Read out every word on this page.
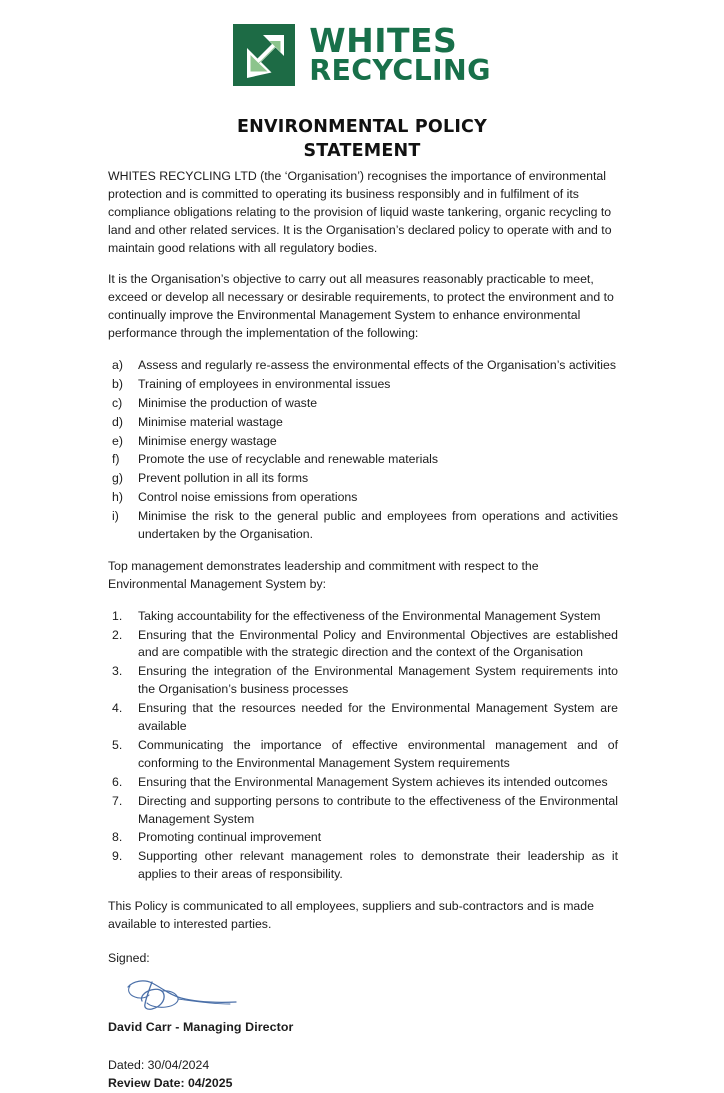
WHITES
RECYCLING
ENVIRONMENTAL POLICY
STATEMENT

WHITES RECYCLING LTD (the ‘Organisation’) recognises the importance of environmental protection and is committed to operating its business responsibly and in fulfilment of its compliance obligations relating to the provision of liquid waste tankering, organic recycling to land and other related services. It is the Organisation’s declared policy to operate with and to maintain good relations with all regulatory bodies.

It is the Organisation’s objective to carry out all measures reasonably practicable to meet, exceed or develop all necessary or desirable requirements, to protect the environment and to continually improve the Environmental Management System to enhance environmental performance through the implementation of the following:

a)	Assess and regularly re-assess the environmental effects of the Organisation’s activities
b)	Training of employees in environmental issues
c)	Minimise the production of waste
d)	Minimise material wastage
e)	Minimise energy wastage
f)	Promote the use of recyclable and renewable materials
g)	Prevent pollution in all its forms
h)	Control noise emissions from operations
i)	Minimise the risk to the general public and employees from operations and activities undertaken by the Organisation.

Top management demonstrates leadership and commitment with respect to the Environmental Management System by:

1.	Taking accountability for the effectiveness of the Environmental Management System
2.	Ensuring that the Environmental Policy and Environmental Objectives are established and are compatible with the strategic direction and the context of the Organisation
3.	Ensuring the integration of the Environmental Management System requirements into the Organisation’s business processes
4.	Ensuring that the resources needed for the Environmental Management System are available
5.	Communicating the importance of effective environmental management and of conforming to the Environmental Management System requirements
6.	Ensuring that the Environmental Management System achieves its intended outcomes
7.	Directing and supporting persons to contribute to the effectiveness of the Environmental Management System
8.	Promoting continual improvement
9.	Supporting other relevant management roles to demonstrate their leadership as it applies to their areas of responsibility.

This Policy is communicated to all employees, suppliers and sub-contractors and is made available to interested parties.

Signed:

David Carr - Managing Director

Dated: 30/04/2024
Review Date: 04/2025
